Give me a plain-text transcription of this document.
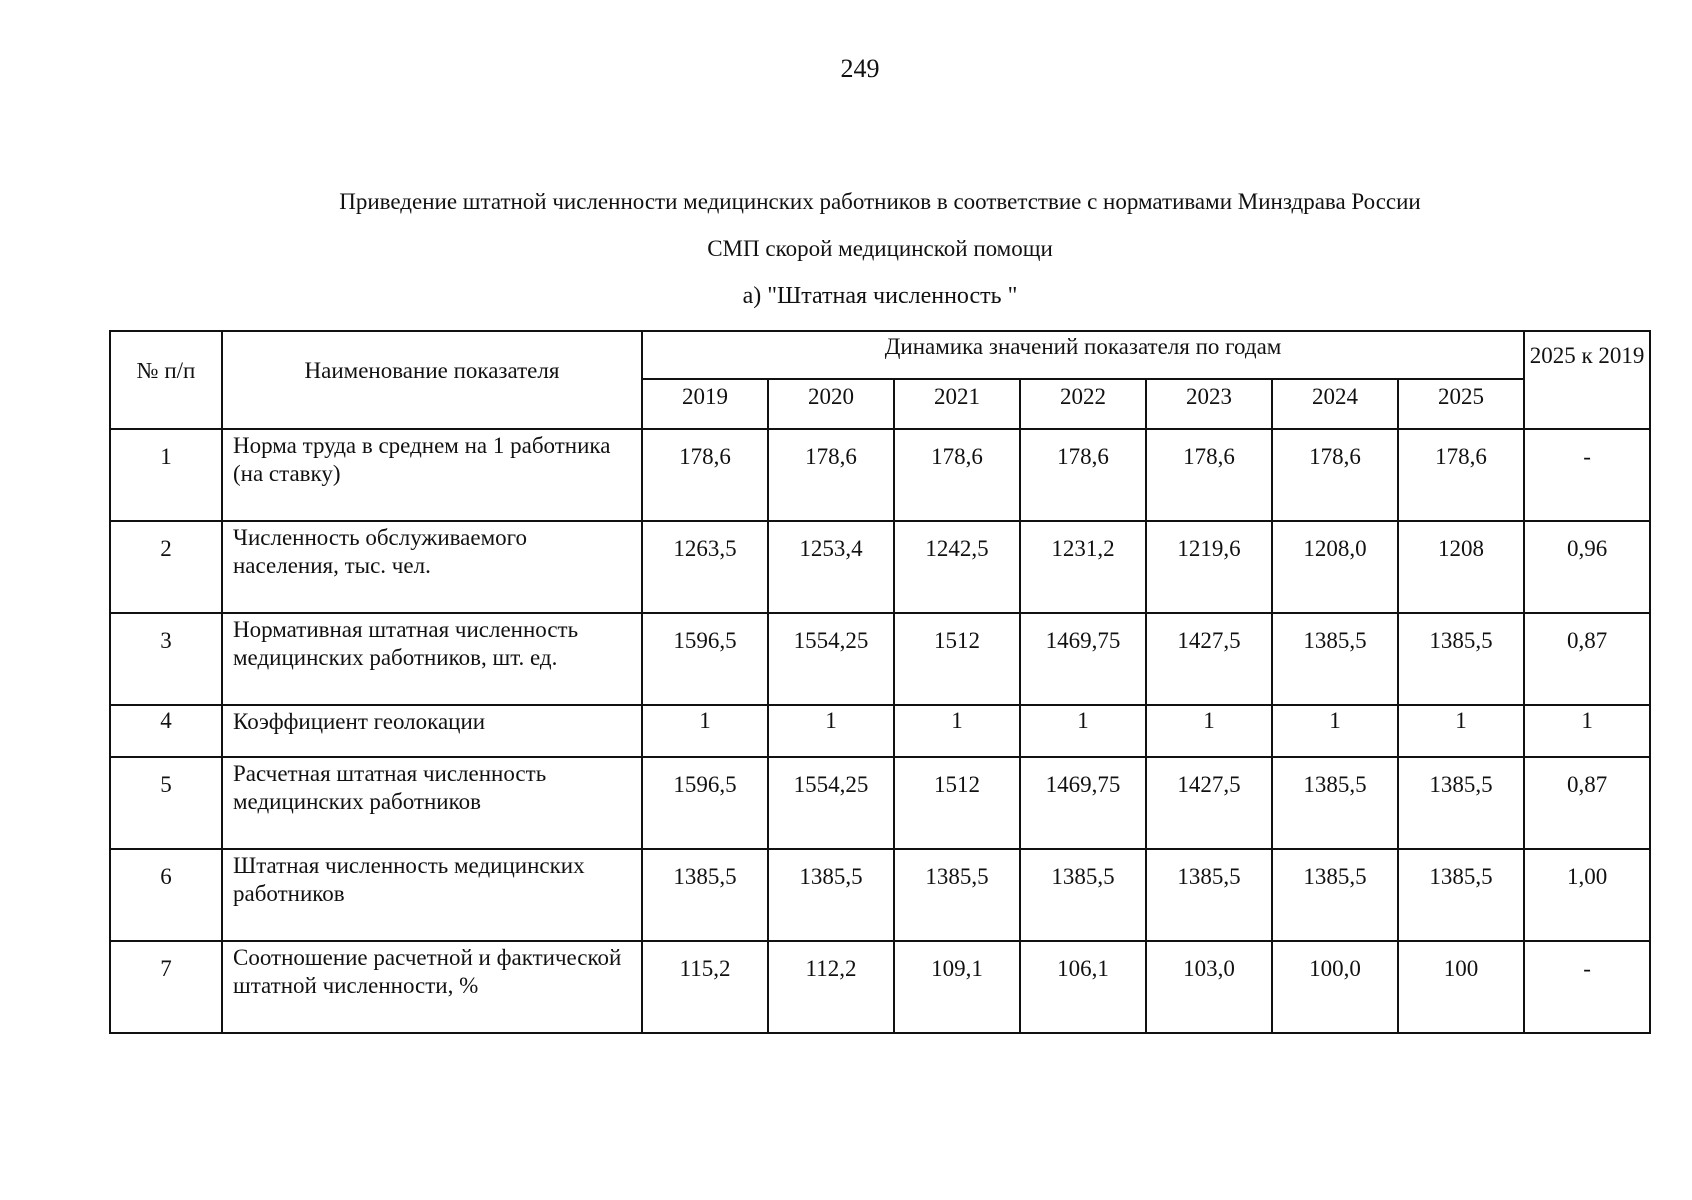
249
Приведение штатной численности медицинских работников в соответствие с нормативами Минздрава России
СМП скорой медицинской помощи
а) "Штатная численность "
№ п/п	Наименование показателя	Динамика значений показателя по годам							2025 к 2019
		2019	2020	2021	2022	2023	2024	2025	
1	Норма труда в среднем на 1 работника (на ставку)	178,6	178,6	178,6	178,6	178,6	178,6	178,6	-
2	Численность обслуживаемого населения, тыс. чел.	1263,5	1253,4	1242,5	1231,2	1219,6	1208,0	1208	0,96
3	Нормативная штатная численность медицинских работников, шт. ед.	1596,5	1554,25	1512	1469,75	1427,5	1385,5	1385,5	0,87
4	Коэффициент геолокации	1	1	1	1	1	1	1	1
5	Расчетная штатная численность медицинских работников	1596,5	1554,25	1512	1469,75	1427,5	1385,5	1385,5	0,87
6	Штатная численность медицинских работников	1385,5	1385,5	1385,5	1385,5	1385,5	1385,5	1385,5	1,00
7	Соотношение расчетной и фактической штатной численности, %	115,2	112,2	109,1	106,1	103,0	100,0	100	-
